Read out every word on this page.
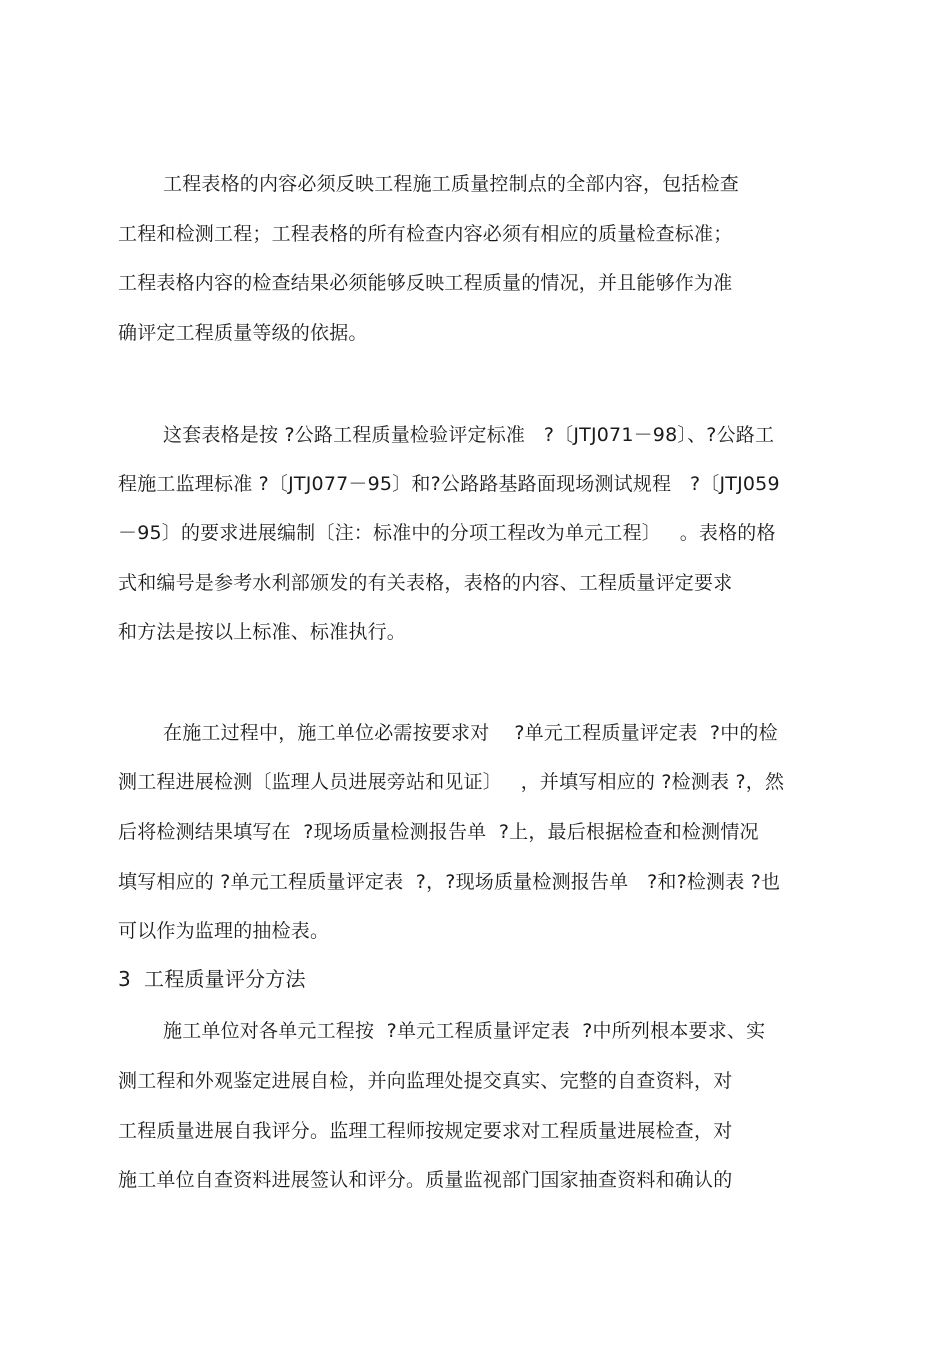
工程表格的内容必须反映工程施工质量控制点的全部内容，包括检查
工程和检测工程；工程表格的所有检查内容必须有相应的质量检查标准；
工程表格内容的检查结果必须能够反映工程质量的情况，并且能够作为准
确评定工程质量等级的依据。
这套表格是按 ?公路工程质量检验评定标准   ?〔JTJ071－98〕、?公路工
程施工监理标准 ?〔JTJ077－95〕和?公路路基路面现场测试规程   ?〔JTJ059
－95〕的要求进展编制〔注：标准中的分项工程改为单元工程〕   。表格的格
式和编号是参考水利部颁发的有关表格，表格的内容、工程质量评定要求
和方法是按以上标准、标准执行。
在施工过程中，施工单位必需按要求对    ?单元工程质量评定表  ?中的检
测工程进展检测〔监理人员进展旁站和见证〕   ，并填写相应的 ?检测表 ?，然
后将检测结果填写在  ?现场质量检测报告单  ?上，最后根据检查和检测情况
填写相应的 ?单元工程质量评定表  ?，?现场质量检测报告单   ?和?检测表 ?也
可以作为监理的抽检表。
3  工程质量评分方法
施工单位对各单元工程按  ?单元工程质量评定表  ?中所列根本要求、实
测工程和外观鉴定进展自检，并向监理处提交真实、完整的自查资料，对
工程质量进展自我评分。监理工程师按规定要求对工程质量进展检查，对
施工单位自查资料进展签认和评分。质量监视部门国家抽查资料和确认的
